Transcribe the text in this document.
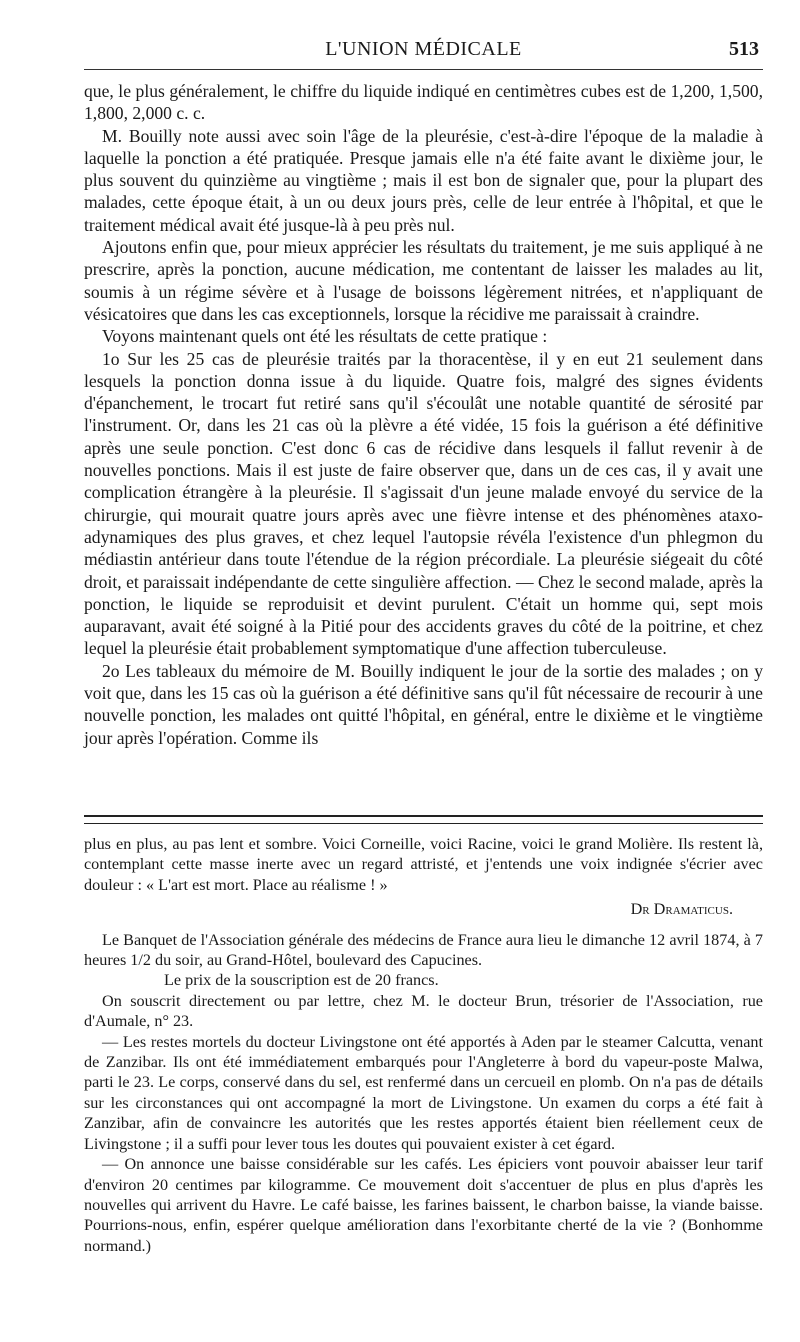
L'UNION MÉDICALE	513

que, le plus généralement, le chiffre du liquide indiqué en centimètres cubes est de 1,200, 1,500, 1,800, 2,000 c. c.

M. Bouilly note aussi avec soin l'âge de la pleurésie, c'est-à-dire l'époque de la maladie à laquelle la ponction a été pratiquée. Presque jamais elle n'a été faite avant le dixième jour, le plus souvent du quinzième au vingtième ; mais il est bon de signaler que, pour la plupart des malades, cette époque était, à un ou deux jours près, celle de leur entrée à l'hôpital, et que le traitement médical avait été jusque-là à peu près nul.

Ajoutons enfin que, pour mieux apprécier les résultats du traitement, je me suis appliqué à ne prescrire, après la ponction, aucune médication, me contentant de laisser les malades au lit, soumis à un régime sévère et à l'usage de boissons légèrement nitrées, et n'appliquant de vésicatoires que dans les cas exceptionnels, lorsque la récidive me paraissait à craindre.

Voyons maintenant quels ont été les résultats de cette pratique :

1o Sur les 25 cas de pleurésie traités par la thoracentèse, il y en eut 21 seulement dans lesquels la ponction donna issue à du liquide. Quatre fois, malgré des signes évidents d'épanchement, le trocart fut retiré sans qu'il s'écoulât une notable quantité de sérosité par l'instrument. Or, dans les 21 cas où la plèvre a été vidée, 15 fois la guérison a été définitive après une seule ponction. C'est donc 6 cas de récidive dans lesquels il fallut revenir à de nouvelles ponctions. Mais il est juste de faire observer que, dans un de ces cas, il y avait une complication étrangère à la pleurésie. Il s'agissait d'un jeune malade envoyé du service de la chirurgie, qui mourait quatre jours après avec une fièvre intense et des phénomènes ataxo-adynamiques des plus graves, et chez lequel l'autopsie révéla l'existence d'un phlegmon du médiastin antérieur dans toute l'étendue de la région précordiale. La pleurésie siégeait du côté droit, et paraissait indépendante de cette singulière affection. — Chez le second malade, après la ponction, le liquide se reproduisit et devint purulent. C'était un homme qui, sept mois auparavant, avait été soigné à la Pitié pour des accidents graves du côté de la poitrine, et chez lequel la pleurésie était probablement symptomatique d'une affection tuberculeuse.

2o Les tableaux du mémoire de M. Bouilly indiquent le jour de la sortie des malades ; on y voit que, dans les 15 cas où la guérison a été définitive sans qu'il fût nécessaire de recourir à une nouvelle ponction, les malades ont quitté l'hôpital, en général, entre le dixième et le vingtième jour après l'opération. Comme ils

plus en plus, au pas lent et sombre. Voici Corneille, voici Racine, voici le grand Molière. Ils restent là, contemplant cette masse inerte avec un regard attristé, et j'entends une voix indignée s'écrier avec douleur : « L'art est mort. Place au réalisme ! »

Dr Dramaticus.

Le Banquet de l'Association générale des médecins de France aura lieu le dimanche 12 avril 1874, à 7 heures 1/2 du soir, au Grand-Hôtel, boulevard des Capucines.

Le prix de la souscription est de 20 francs.

On souscrit directement ou par lettre, chez M. le docteur Brun, trésorier de l'Association, rue d'Aumale, n° 23.

— Les restes mortels du docteur Livingstone ont été apportés à Aden par le steamer Calcutta, venant de Zanzibar. Ils ont été immédiatement embarqués pour l'Angleterre à bord du vapeur-poste Malwa, parti le 23. Le corps, conservé dans du sel, est renfermé dans un cercueil en plomb. On n'a pas de détails sur les circonstances qui ont accompagné la mort de Livingstone. Un examen du corps a été fait à Zanzibar, afin de convaincre les autorités que les restes apportés étaient bien réellement ceux de Livingstone ; il a suffi pour lever tous les doutes qui pouvaient exister à cet égard.

— On annonce une baisse considérable sur les cafés. Les épiciers vont pouvoir abaisser leur tarif d'environ 20 centimes par kilogramme. Ce mouvement doit s'accentuer de plus en plus d'après les nouvelles qui arrivent du Havre. Le café baisse, les farines baissent, le charbon baisse, la viande baisse. Pourrions-nous, enfin, espérer quelque amélioration dans l'exorbitante cherté de la vie ? (Bonhomme normand.)
